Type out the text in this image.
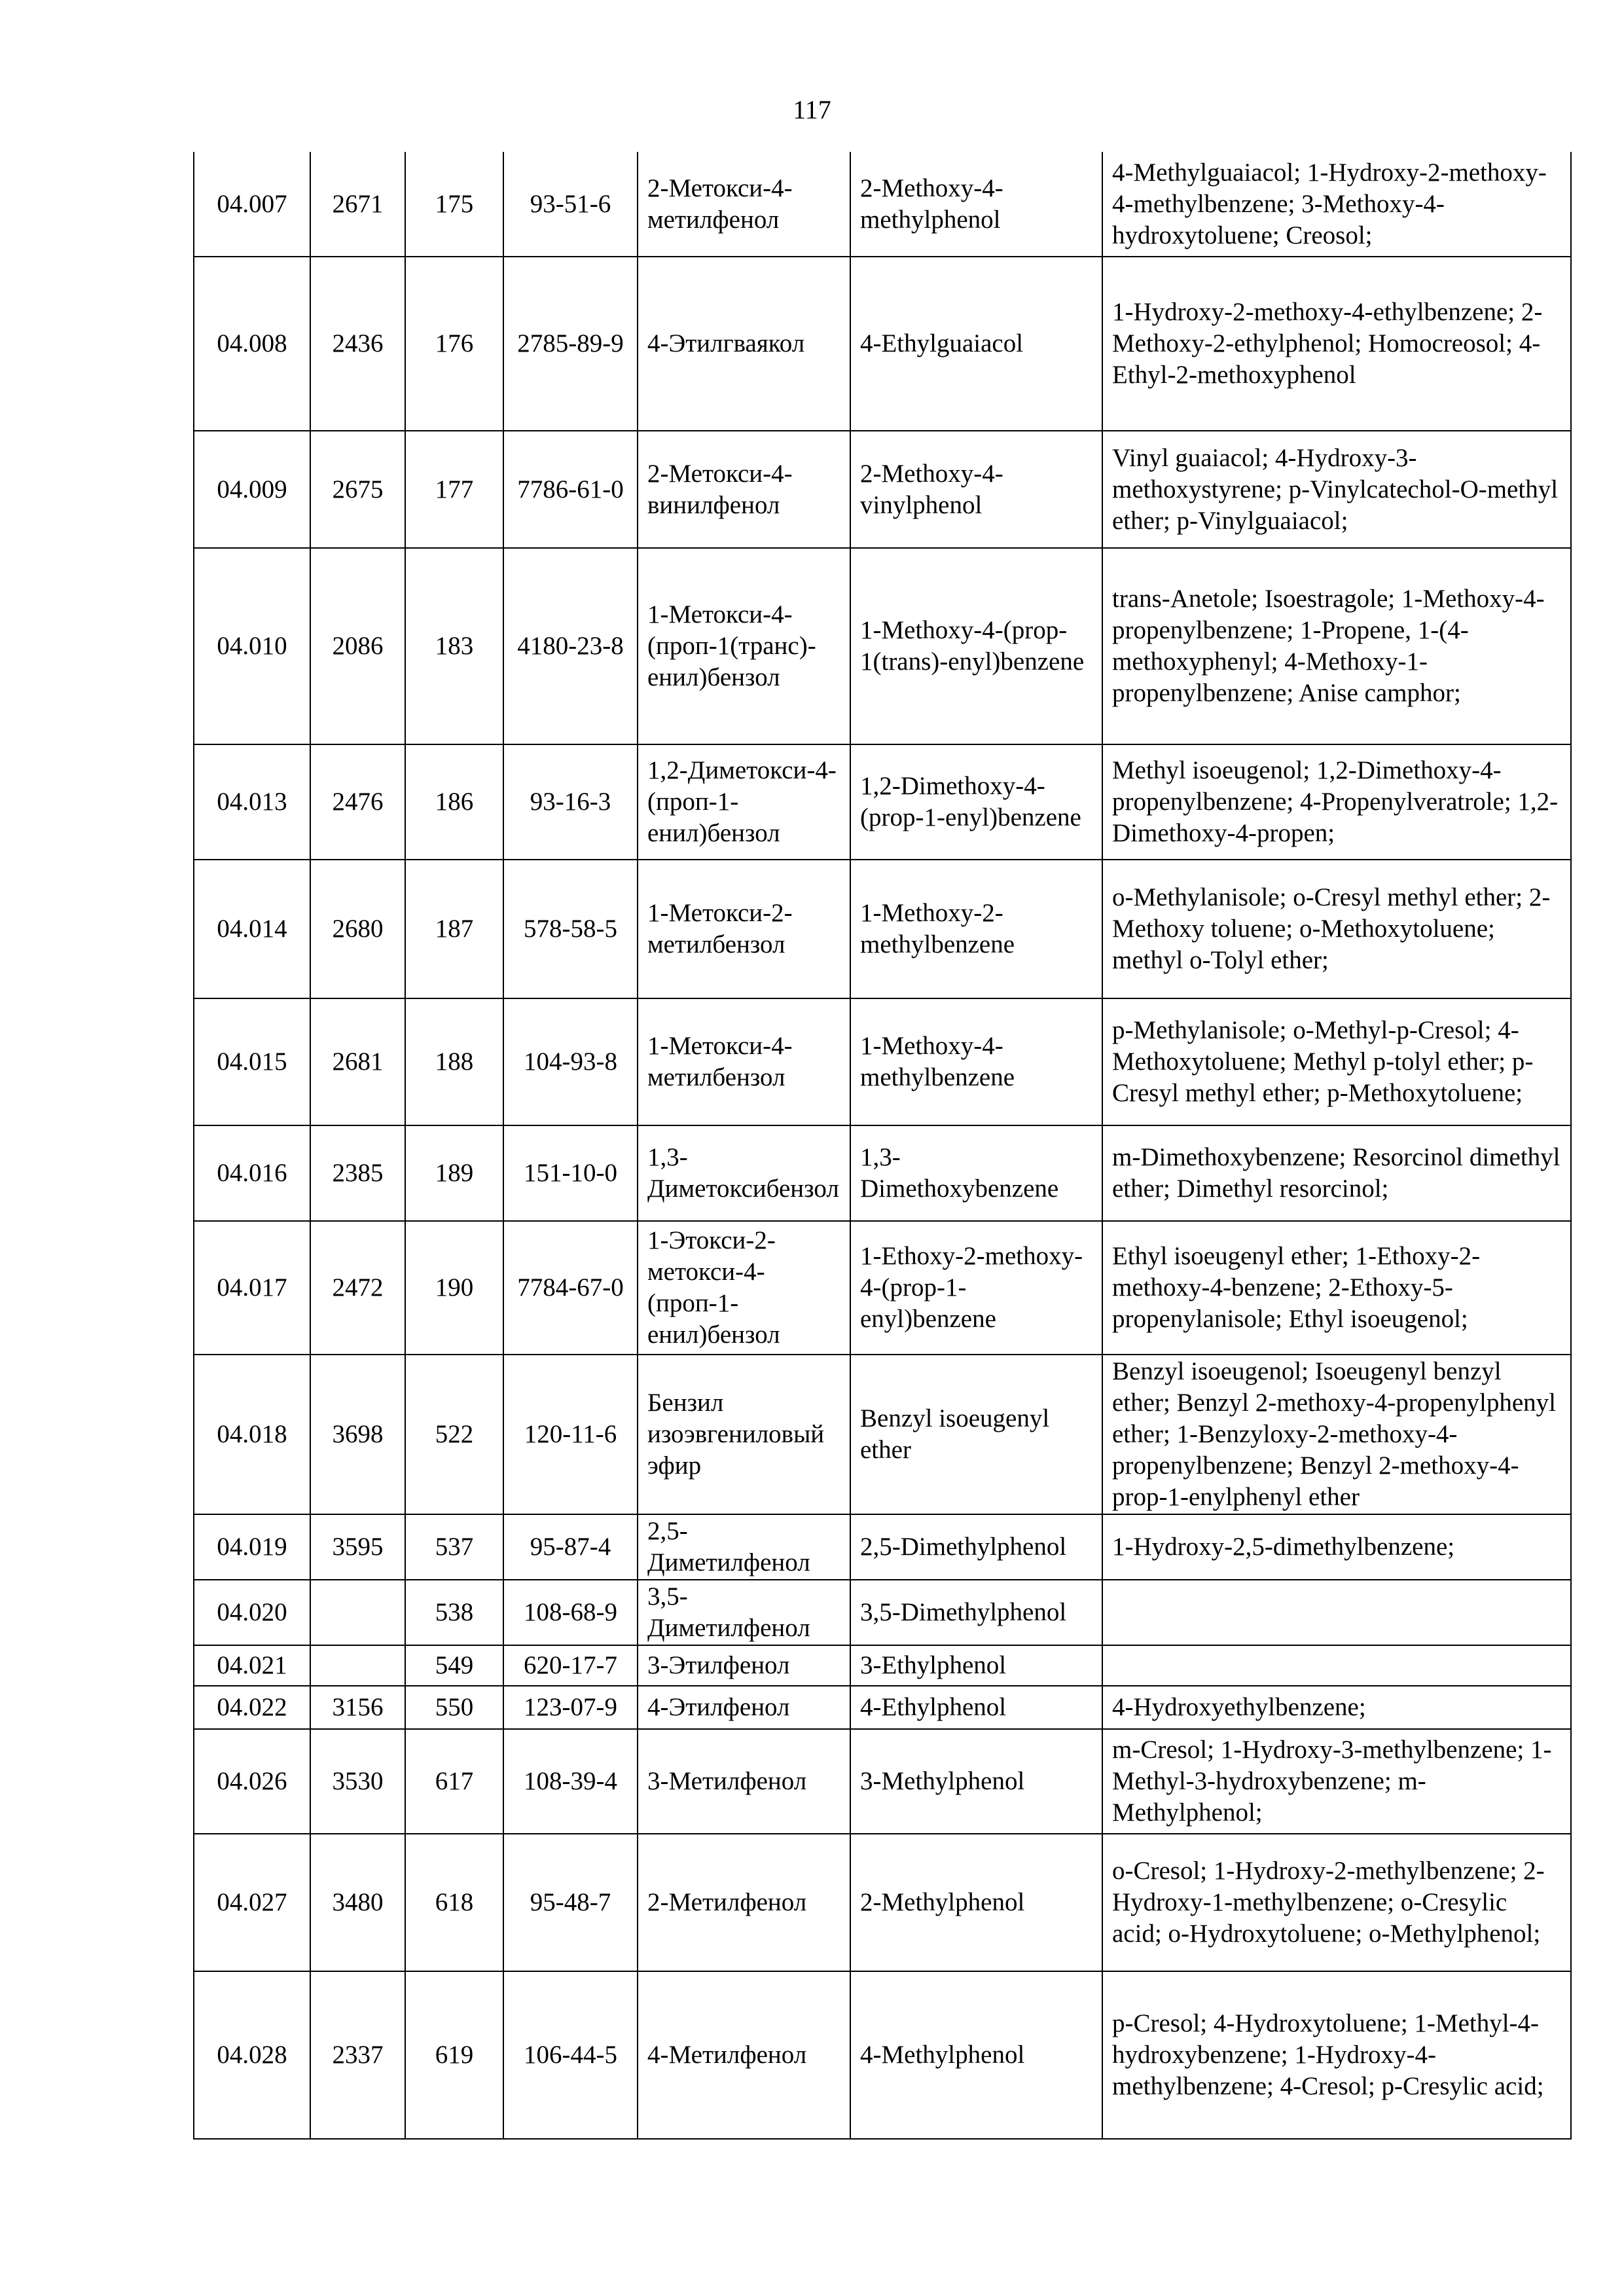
117
04.007	2671	175	93-51-6	2-Метокси-4-метилфенол	2-Methoxy-4-methylphenol	4-Methylguaiacol; 1-Hydroxy-2-methoxy-4-methylbenzene; 3-Methoxy-4-hydroxytoluene; Creosol;
04.008	2436	176	2785-89-9	4-Этилгваякол	4-Ethylguaiacol	1-Hydroxy-2-methoxy-4-ethylbenzene; 2-Methoxy-2-ethylphenol; Homocreosol; 4-Ethyl-2-methoxyphenol
04.009	2675	177	7786-61-0	2-Метокси-4-винилфенол	2-Methoxy-4-vinylphenol	Vinyl guaiacol; 4-Hydroxy-3-methoxystyrene; p-Vinylcatechol-O-methyl ether; p-Vinylguaiacol;
04.010	2086	183	4180-23-8	1-Метокси-4-(проп-1(транс)-енил)бензол	1-Methoxy-4-(prop-1(trans)-enyl)benzene	trans-Anetole; Isoestragole; 1-Methoxy-4-propenylbenzene; 1-Propene, 1-(4-methoxyphenyl; 4-Methoxy-1-propenylbenzene; Anise camphor;
04.013	2476	186	93-16-3	1,2-Диметокси-4-(проп-1-енил)бензол	1,2-Dimethoxy-4-(prop-1-enyl)benzene	Methyl isoeugenol; 1,2-Dimethoxy-4-propenylbenzene; 4-Propenylveratrole; 1,2-Dimethoxy-4-propen;
04.014	2680	187	578-58-5	1-Метокси-2-метилбензол	1-Methoxy-2-methylbenzene	o-Methylanisole; o-Cresyl methyl ether; 2-Methoxy toluene; o-Methoxytoluene; methyl o-Tolyl ether;
04.015	2681	188	104-93-8	1-Метокси-4-метилбензол	1-Methoxy-4-methylbenzene	p-Methylanisole; o-Methyl-p-Cresol; 4-Methoxytoluene; Methyl p-tolyl ether; p-Cresyl methyl ether; p-Methoxytoluene;
04.016	2385	189	151-10-0	1,3-Диметоксибензол	1,3-Dimethoxybenzene	m-Dimethoxybenzene; Resorcinol dimethyl ether; Dimethyl resorcinol;
04.017	2472	190	7784-67-0	1-Этокси-2-метокси-4-(проп-1-енил)бензол	1-Ethoxy-2-methoxy-4-(prop-1-enyl)benzene	Ethyl isoeugenyl ether; 1-Ethoxy-2-methoxy-4-benzene; 2-Ethoxy-5-propenylanisole; Ethyl isoeugenol;
04.018	3698	522	120-11-6	Бензил изоэвгениловый эфир	Benzyl isoeugenyl ether	Benzyl isoeugenol; Isoeugenyl benzyl ether; Benzyl 2-methoxy-4-propenylphenyl ether; 1-Benzyloxy-2-methoxy-4-propenylbenzene; Benzyl 2-methoxy-4-prop-1-enylphenyl ether
04.019	3595	537	95-87-4	2,5-Диметилфенол	2,5-Dimethylphenol	1-Hydroxy-2,5-dimethylbenzene;
04.020		538	108-68-9	3,5-Диметилфенол	3,5-Dimethylphenol	
04.021		549	620-17-7	3-Этилфенол	3-Ethylphenol	
04.022	3156	550	123-07-9	4-Этилфенол	4-Ethylphenol	4-Hydroxyethylbenzene;
04.026	3530	617	108-39-4	3-Метилфенол	3-Methylphenol	m-Cresol; 1-Hydroxy-3-methylbenzene; 1-Methyl-3-hydroxybenzene; m-Methylphenol;
04.027	3480	618	95-48-7	2-Метилфенол	2-Methylphenol	o-Cresol; 1-Hydroxy-2-methylbenzene; 2-Hydroxy-1-methylbenzene; o-Cresylic acid; o-Hydroxytoluene; o-Methylphenol;
04.028	2337	619	106-44-5	4-Метилфенол	4-Methylphenol	p-Cresol; 4-Hydroxytoluene; 1-Methyl-4-hydroxybenzene; 1-Hydroxy-4-methylbenzene; 4-Cresol; p-Cresylic acid;
